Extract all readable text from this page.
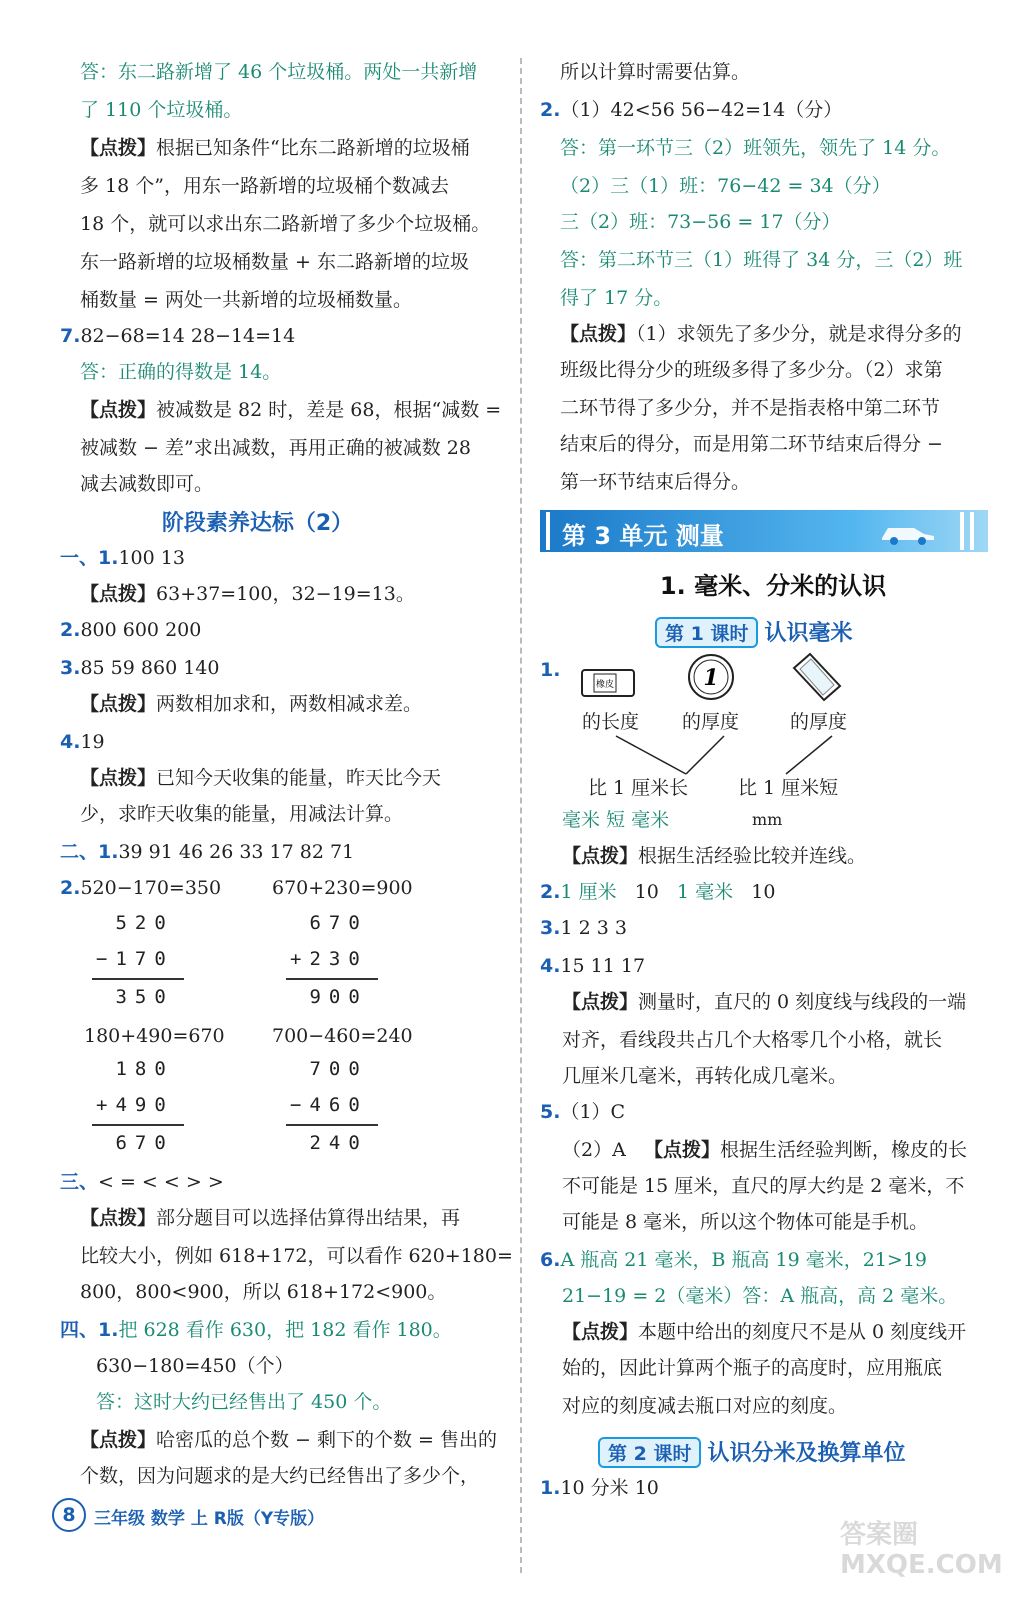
答：东二路新增了 46 个垃圾桶。两处一共新增
了 110 个垃圾桶。
【点拨】根据已知条件“比东二路新增的垃圾桶
多 18 个”，用东一路新增的垃圾桶个数减去
18 个，就可以求出东二路新增了多少个垃圾桶。
东一路新增的垃圾桶数量 + 东二路新增的垃圾
桶数量 = 两处一共新增的垃圾桶数量。
7.82−68=14 28−14=14
答：正确的得数是 14。
【点拨】被减数是 82 时，差是 68，根据“减数 =
被减数 − 差”求出减数，再用正确的被减数 28
减去减数即可。
阶段素养达标（2）
一、1.100 13
【点拨】63+37=100，32−19=13。
2.800 600 200
3.85 59 860 140
【点拨】两数相加求和，两数相减求差。
4.19
【点拨】已知今天收集的能量，昨天比今天
少，求昨天收集的能量，用减法计算。
二、1.39 91 46 26 33 17 82 71
2.520−170=350	670+230=900
520
−170
350
670
+230
900
180+490=670 700−460=240
180
+490
670
700
−460
240
三、< = < < > >
【点拨】部分题目可以选择估算得出结果，再
比较大小，例如 618+172，可以看作 620+180=
800，800<900，所以 618+172<900。
四、1.把 628 看作 630，把 182 看作 180。
630−180=450（个）
答：这时大约已经售出了 450 个。
【点拨】哈密瓜的总个数 − 剩下的个数 = 售出的
个数，因为问题求的是大约已经售出了多少个，
所以计算时需要估算。
2.（1）42<56 56−42=14（分）
答：第一环节三（2）班领先，领先了 14 分。
（2）三（1）班：76−42 = 34（分）
三（2）班：73−56 = 17（分）
答：第二环节三（1）班得了 34 分，三（2）班
得了 17 分。
【点拨】（1）求领先了多少分，就是求得分多的
班级比得分少的班级多得了多少分。（2）求第
二环节得了多少分，并不是指表格中第二环节
结束后的得分，而是用第二环节结束后得分 −
第一环节结束后得分。
第 3 单元 测量
1. 毫米、分米的认识
第 1 课时 认识毫米
1.
橡皮	1
的长度 的厚度	的厚度
比 1 厘米长	比 1 厘米短
毫米 短 毫米	mm
【点拨】根据生活经验比较并连线。
2.1 厘米 10 1 毫米 10
3.1 2 3 3
4.15 11 17
【点拨】测量时，直尺的 0 刻度线与线段的一端
对齐，看线段共占几个大格零几个小格，就长
几厘米几毫米，再转化成几毫米。
5.（1）C
（2）A 【点拨】根据生活经验判断，橡皮的长
不可能是 15 厘米，直尺的厚大约是 2 毫米，不
可能是 8 毫米，所以这个物体可能是手机。
6.A 瓶高 21 毫米，B 瓶高 19 毫米，21>19
21−19 = 2（毫米）答：A 瓶高，高 2 毫米。
【点拨】本题中给出的刻度尺不是从 0 刻度线开
始的，因此计算两个瓶子的高度时，应用瓶底
对应的刻度减去瓶口对应的刻度。
第 2 课时 认识分米及换算单位
1.10 分米 10
8	三年级 数学 上 R版（Y专版）
答案圈 MXQE.COM
